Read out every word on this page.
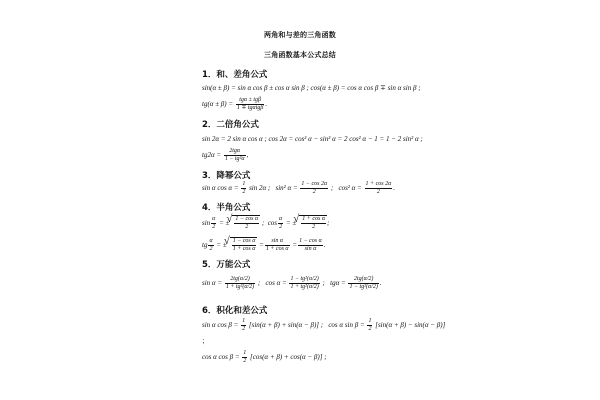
两角和与差的三角函数
三角函数基本公式总结
1．和、差角公式
sin(α ± β) = sin α cos β ± cos α sin β ; cos(α ± β) = cos α cos β ∓ sin α sin β ;
$tg(\alpha \pm \beta) = \frac{\text{tgα ± tgβ}}{\text{1 ∓ tgαtgβ}}$ .
2．二倍角公式
sin 2α = 2 sin α cos α ; cos 2α = cos² α − sin² α = 2 cos² α − 1 = 1 − 2 sin² α ;
$tg2\alpha = \frac{\text{2tgα}}{\text{1 − tg²α}}$ ,
3．降幂公式
sin α $\cos \alpha = \frac{1}{2}$ sin 2α ;   sin² $\alpha = \frac{1 - \cos 2\alpha}{2}$ ;   cos² $\alpha = \frac{1 + \cos 2\alpha}{2}$ .
4．半角公式
$\sin \frac{\alpha}{2}$ = ± √ $\frac{\text{1 − cos α}}{2}$ ;  $\cos \frac{\alpha}{2}$ = ± √ $\frac{\text{1 + cos α}}{2}$ ;
tg $\frac{\alpha}{2}$ = ± √ $\frac{\text{1 − cos α}}{\text{1 + cos α}} = \frac{\text{sin α}}{\text{1 + cos α}} = \frac{\text{1 − cos α}}{\text{sin α}}$ .
5．万能公式
$\sin \alpha = \frac{2tg(\alpha/2)}{\text{1 + tg²(α/2)}}$ ;   $\cos \alpha = \frac{\text{1 − tg²(α/2)}}{\text{1 + tg²(α/2)}}$ ;   $tg\alpha = \frac{2tg(\alpha/2)}{\text{1 − tg²(α/2)}}$ .
6．积化和差公式
sin α $\cos \beta = \frac{1}{2} [\sin(\alpha + \beta) + \sin(\alpha - \beta)]$ ;   cos α $\sin \beta = \frac{1}{2} [\sin(\alpha + \beta) - \sin(\alpha - \beta)]$
；
cos α $\cos \beta = \frac{1}{2} [\cos(\alpha + \beta) + \cos(\alpha - \beta)]$ ;
